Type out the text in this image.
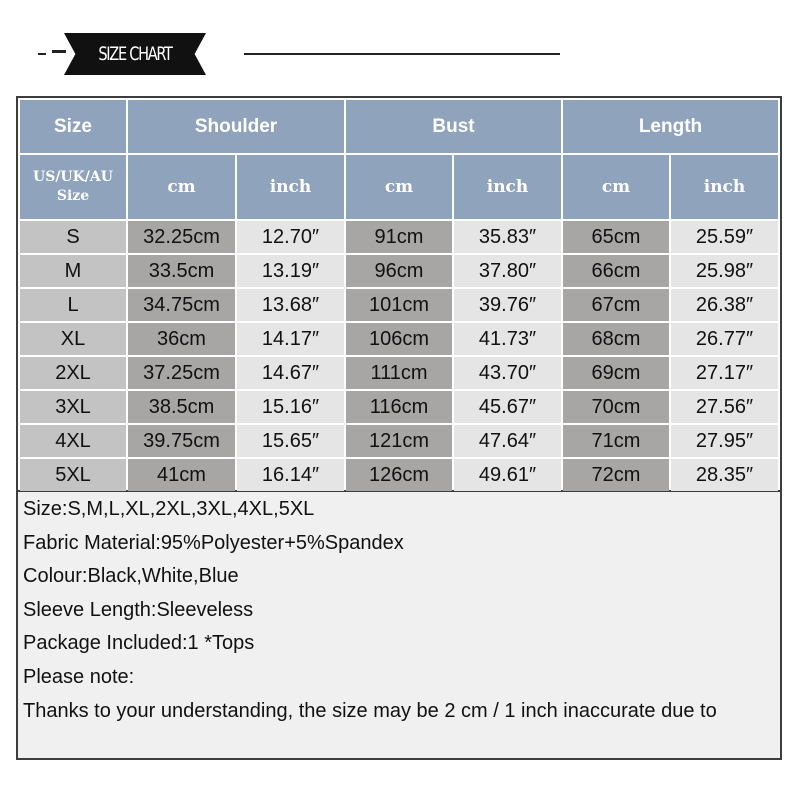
SIZE CHART
Size	Shoulder	Bust	Length
US/UK/AU
Size	cm	inch	cm	inch	cm	inch
S	32.25cm	12.70″	91cm	35.83″	65cm	25.59″
M	33.5cm	13.19″	96cm	37.80″	66cm	25.98″
L	34.75cm	13.68″	101cm	39.76″	67cm	26.38″
XL	36cm	14.17″	106cm	41.73″	68cm	26.77″
2XL	37.25cm	14.67″	111cm	43.70″	69cm	27.17″
3XL	38.5cm	15.16″	116cm	45.67″	70cm	27.56″
4XL	39.75cm	15.65″	121cm	47.64″	71cm	27.95″
5XL	41cm	16.14″	126cm	49.61″	72cm	28.35″
Size:S,M,L,XL,2XL,3XL,4XL,5XL
Fabric Material:95%Polyester+5%Spandex
Colour:Black,White,Blue
Sleeve Length:Sleeveless
Package Included:1 *Tops
Please note:
Thanks to your understanding, the size may be 2 cm / 1 inch inaccurate due to
